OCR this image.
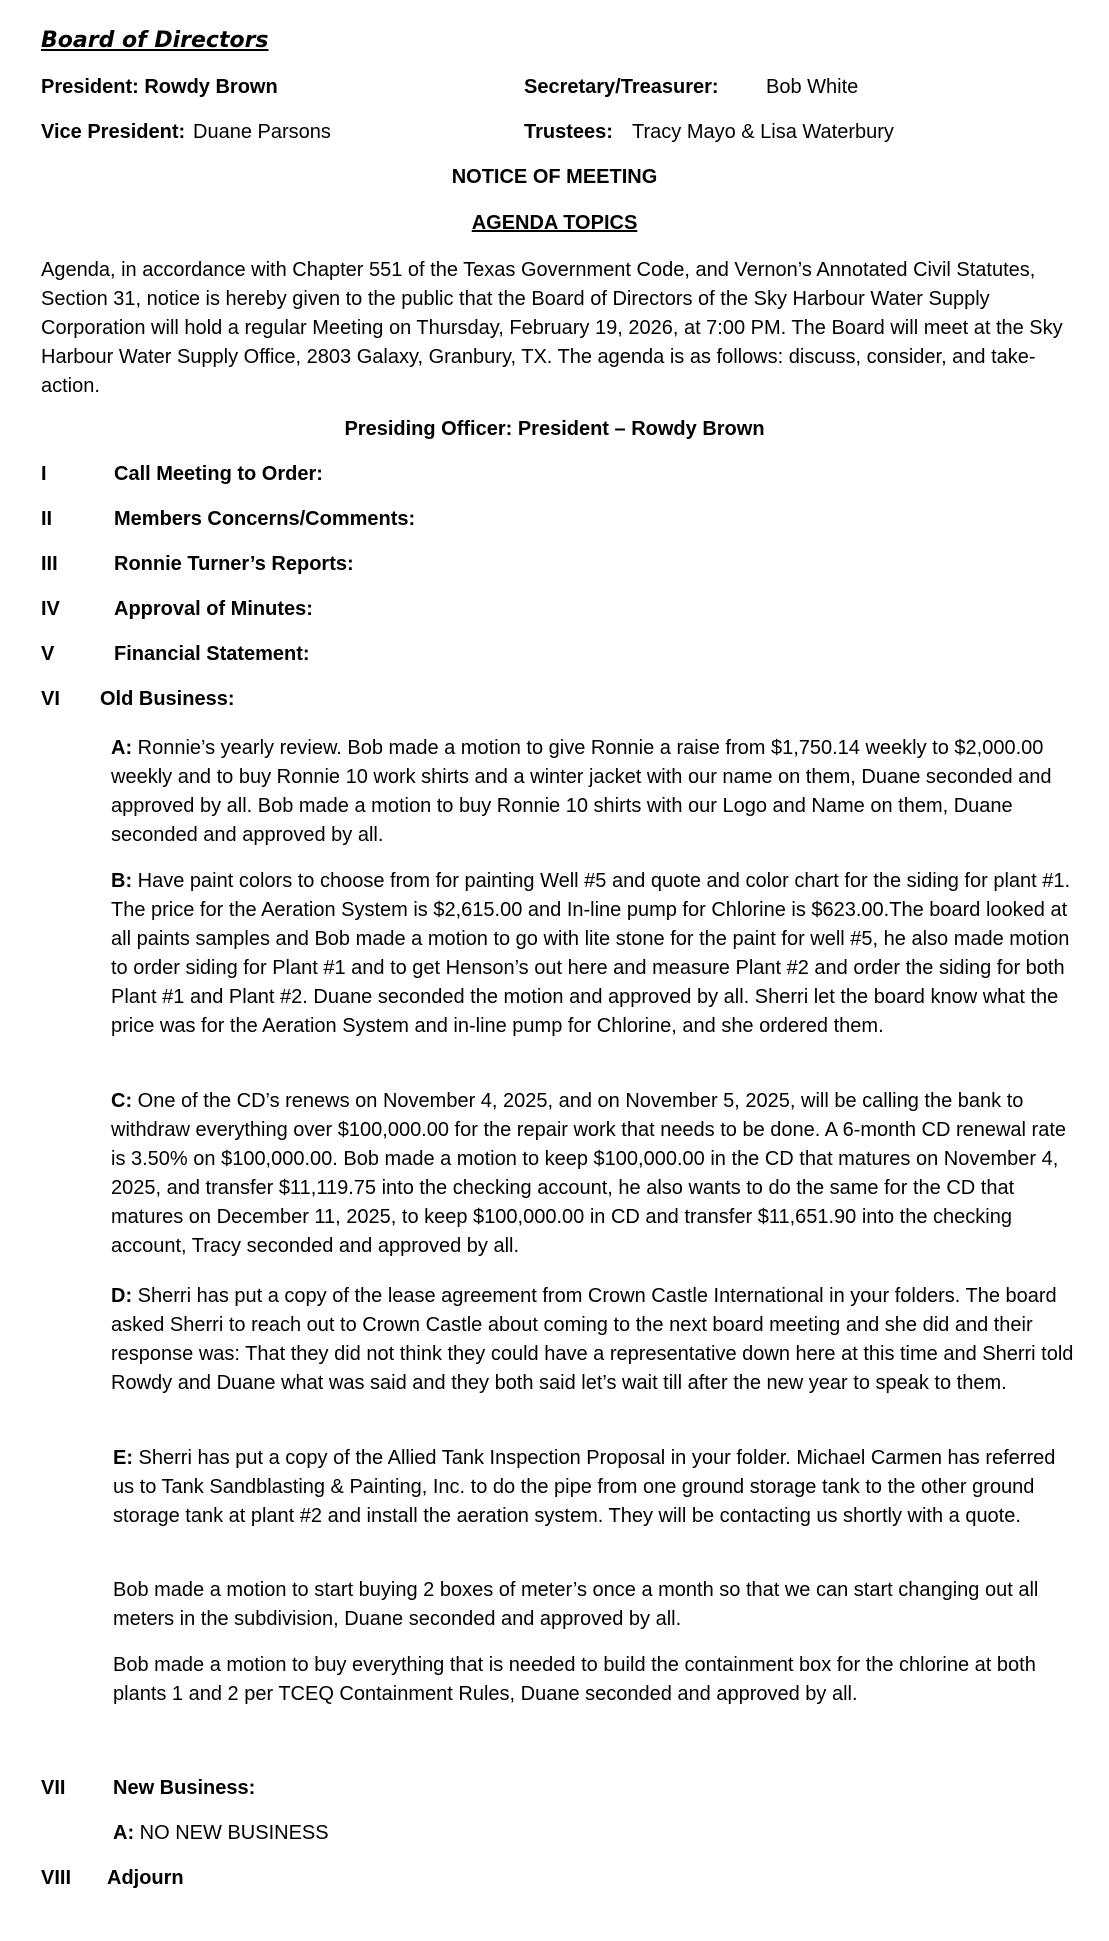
Board of Directors
President: Rowdy Brown	Secretary/Treasurer: Bob White
Vice President: Duane Parsons	Trustees: Tracy Mayo & Lisa Waterbury
NOTICE OF MEETING
AGENDA TOPICS
Agenda, in accordance with Chapter 551 of the Texas Government Code, and Vernon’s Annotated Civil Statutes, Section 31, notice is hereby given to the public that the Board of Directors of the Sky Harbour Water Supply Corporation will hold a regular Meeting on Thursday, February 19, 2026, at 7:00 PM. The Board will meet at the Sky Harbour Water Supply Office, 2803 Galaxy, Granbury, TX. The agenda is as follows: discuss, consider, and take-action.
Presiding Officer: President – Rowdy Brown
I	Call Meeting to Order:
II	Members Concerns/Comments:
III	Ronnie Turner’s Reports:
IV	Approval of Minutes:
V	Financial Statement:
VI Old Business:
A: Ronnie’s yearly review. Bob made a motion to give Ronnie a raise from $1,750.14 weekly to $2,000.00 weekly and to buy Ronnie 10 work shirts and a winter jacket with our name on them, Duane seconded and approved by all. Bob made a motion to buy Ronnie 10 shirts with our Logo and Name on them, Duane seconded and approved by all.
B: Have paint colors to choose from for painting Well #5 and quote and color chart for the siding for plant #1. The price for the Aeration System is $2,615.00 and In-line pump for Chlorine is $623.00.The board looked at all paints samples and Bob made a motion to go with lite stone for the paint for well #5, he also made motion to order siding for Plant #1 and to get Henson’s out here and measure Plant #2 and order the siding for both Plant #1 and Plant #2. Duane seconded the motion and approved by all. Sherri let the board know what the price was for the Aeration System and in-line pump for Chlorine, and she ordered them.
C: One of the CD’s renews on November 4, 2025, and on November 5, 2025, will be calling the bank to withdraw everything over $100,000.00 for the repair work that needs to be done. A 6-month CD renewal rate is 3.50% on $100,000.00. Bob made a motion to keep $100,000.00 in the CD that matures on November 4, 2025, and transfer $11,119.75 into the checking account, he also wants to do the same for the CD that matures on December 11, 2025, to keep $100,000.00 in CD and transfer $11,651.90 into the checking account, Tracy seconded and approved by all.
D: Sherri has put a copy of the lease agreement from Crown Castle International in your folders. The board asked Sherri to reach out to Crown Castle about coming to the next board meeting and she did and their response was: That they did not think they could have a representative down here at this time and Sherri told Rowdy and Duane what was said and they both said let’s wait till after the new year to speak to them.
E: Sherri has put a copy of the Allied Tank Inspection Proposal in your folder. Michael Carmen has referred us to Tank Sandblasting & Painting, Inc. to do the pipe from one ground storage tank to the other ground storage tank at plant #2 and install the aeration system. They will be contacting us shortly with a quote.
Bob made a motion to start buying 2 boxes of meter’s once a month so that we can start changing out all meters in the subdivision, Duane seconded and approved by all.
Bob made a motion to buy everything that is needed to build the containment box for the chlorine at both plants 1 and 2 per TCEQ Containment Rules, Duane seconded and approved by all.
VII New Business:
A: NO NEW BUSINESS
VIII Adjourn
